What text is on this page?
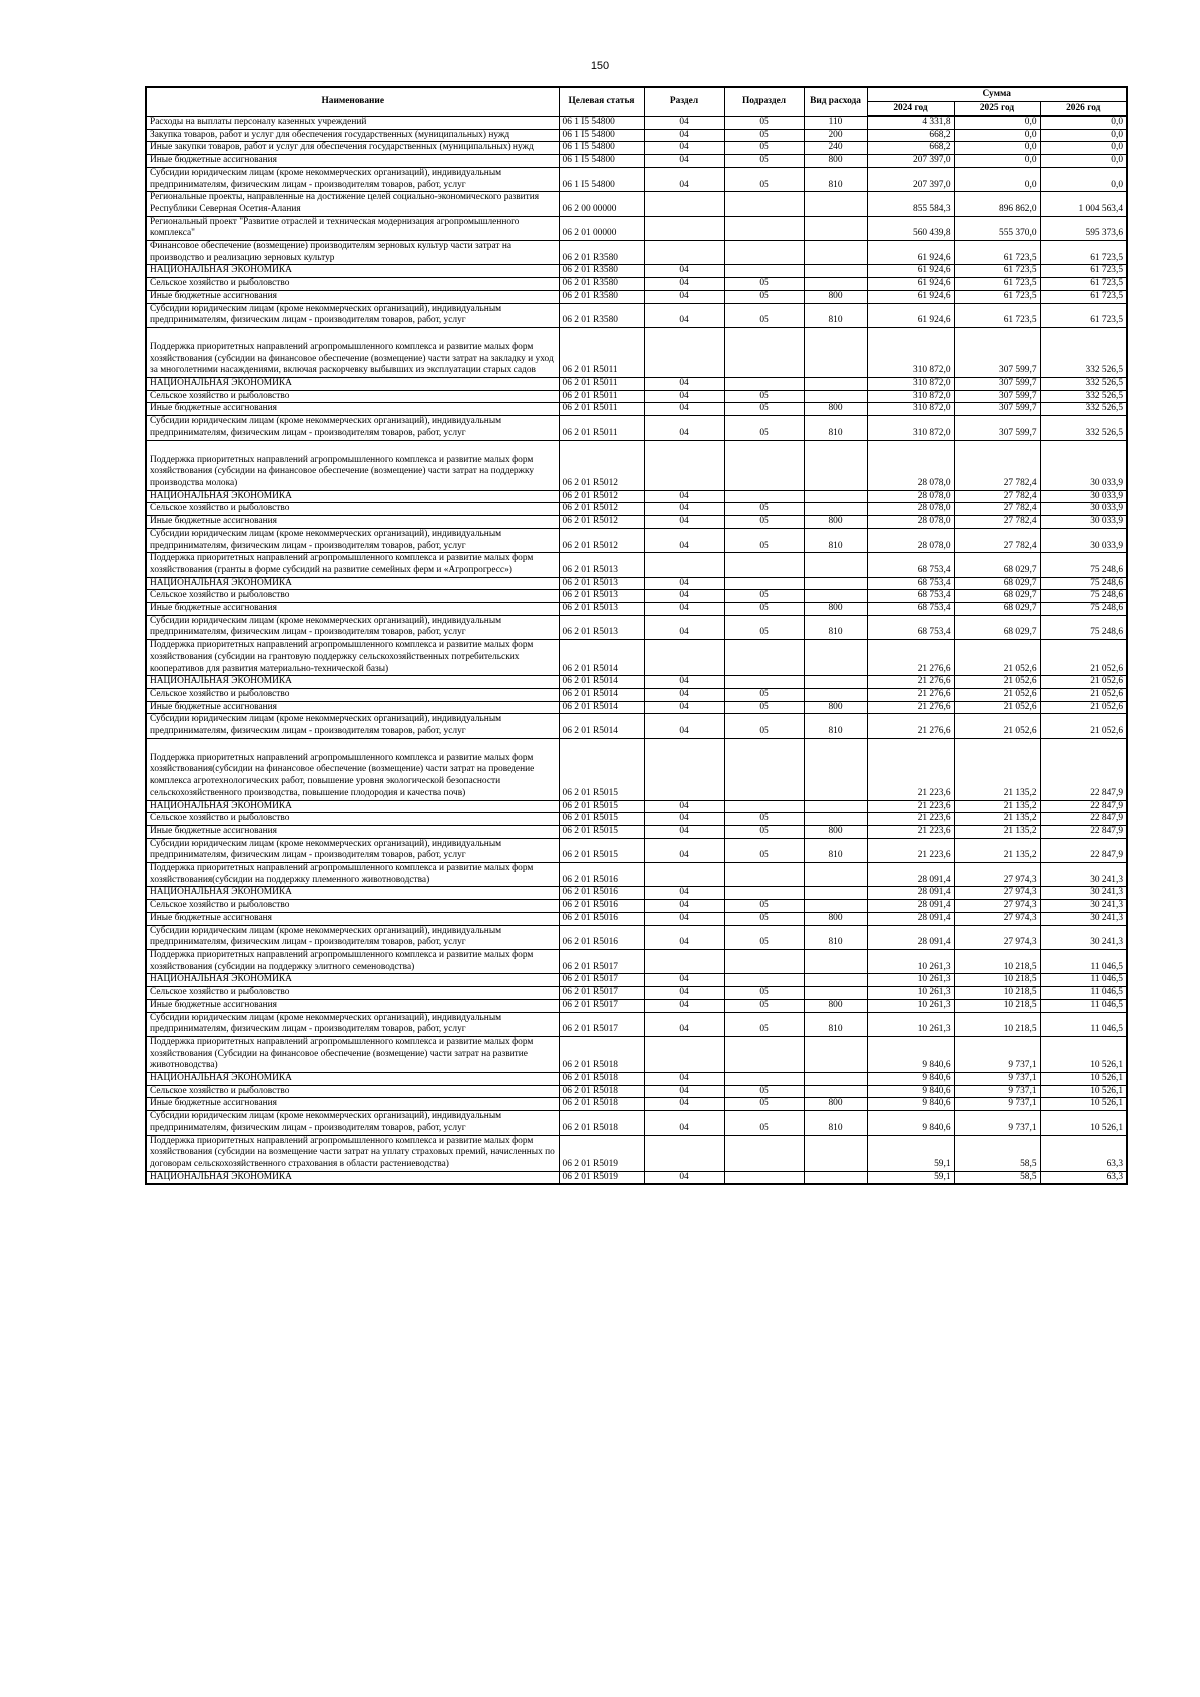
150
Наименование	Целевая статья	Раздел	Подраздел	Вид расхода	Сумма		
					2024 год	2025 год	2026 год
Расходы на выплаты персоналу казенных учреждений	06 1 I5 54800	04	05	110	4 331,8	0,0	0,0
Закупка товаров, работ и услуг для обеспечения государственных (муниципальных) нужд	06 1 I5 54800	04	05	200	668,2	0,0	0,0
Иные закупки товаров, работ и услуг для обеспечения государственных (муниципальных) нужд	06 1 I5 54800	04	05	240	668,2	0,0	0,0
Иные бюджетные ассигнования	06 1 I5 54800	04	05	800	207 397,0	0,0	0,0
Субсидии юридическим лицам (кроме некоммерческих организаций), индивидуальным предпринимателям, физическим лицам - производителям товаров, работ, услуг	06 1 I5 54800	04	05	810	207 397,0	0,0	0,0
Региональные проекты, направленные на достижение целей социально-экономического развития Республики Северная Осетия-Алания	06 2 00 00000				855 584,3	896 862,0	1 004 563,4
Региональный проект "Развитие отраслей и техническая модернизация агропромышленного комплекса"	06 2 01 00000				560 439,8	555 370,0	595 373,6
Финансовое обеспечение (возмещение) производителям зерновых культур части затрат на производство и реализацию зерновых культур	06 2 01 R3580				61 924,6	61 723,5	61 723,5
НАЦИОНАЛЬНАЯ ЭКОНОМИКА	06 2 01 R3580	04			61 924,6	61 723,5	61 723,5
Сельское хозяйство и рыболовство	06 2 01 R3580	04	05		61 924,6	61 723,5	61 723,5
Иные бюджетные ассигнования	06 2 01 R3580	04	05	800	61 924,6	61 723,5	61 723,5
Субсидии юридическим лицам (кроме некоммерческих организаций), индивидуальным предпринимателям, физическим лицам - производителям товаров, работ, услуг	06 2 01 R3580	04	05	810	61 924,6	61 723,5	61 723,5
Поддержка приоритетных направлений агропромышленного комплекса и развитие малых форм хозяйствования (субсидии на финансовое обеспечение (возмещение) части затрат на закладку и уход за многолетними насаждениями, включая раскорчевку выбывших из эксплуатации старых садов	06 2 01 R5011				310 872,0	307 599,7	332 526,5
НАЦИОНАЛЬНАЯ ЭКОНОМИКА	06 2 01 R5011	04			310 872,0	307 599,7	332 526,5
Сельское хозяйство и рыболовство	06 2 01 R5011	04	05		310 872,0	307 599,7	332 526,5
Иные бюджетные ассигнования	06 2 01 R5011	04	05	800	310 872,0	307 599,7	332 526,5
Субсидии юридическим лицам (кроме некоммерческих организаций), индивидуальным предпринимателям, физическим лицам - производителям товаров, работ, услуг	06 2 01 R5011	04	05	810	310 872,0	307 599,7	332 526,5
Поддержка приоритетных направлений агропромышленного комплекса и развитие малых форм хозяйствования (субсидии на финансовое обеспечение (возмещение) части затрат на поддержку производства молока)	06 2 01 R5012				28 078,0	27 782,4	30 033,9
НАЦИОНАЛЬНАЯ ЭКОНОМИКА	06 2 01 R5012	04			28 078,0	27 782,4	30 033,9
Сельское хозяйство и рыболовство	06 2 01 R5012	04	05		28 078,0	27 782,4	30 033,9
Иные бюджетные ассигнования	06 2 01 R5012	04	05	800	28 078,0	27 782,4	30 033,9
Субсидии юридическим лицам (кроме некоммерческих организаций), индивидуальным предпринимателям, физическим лицам - производителям товаров, работ, услуг	06 2 01 R5012	04	05	810	28 078,0	27 782,4	30 033,9
Поддержка приоритетных направлений агропромышленного комплекса и развитие малых форм хозяйствования (гранты в форме субсидий на развитие семейных ферм и «Агропрогресс»)	06 2 01 R5013				68 753,4	68 029,7	75 248,6
НАЦИОНАЛЬНАЯ ЭКОНОМИКА	06 2 01 R5013	04			68 753,4	68 029,7	75 248,6
Сельское хозяйство и рыболовство	06 2 01 R5013	04	05		68 753,4	68 029,7	75 248,6
Иные бюджетные ассигнования	06 2 01 R5013	04	05	800	68 753,4	68 029,7	75 248,6
Субсидии юридическим лицам (кроме некоммерческих организаций), индивидуальным предпринимателям, физическим лицам - производителям товаров, работ, услуг	06 2 01 R5013	04	05	810	68 753,4	68 029,7	75 248,6
Поддержка приоритетных направлений агропромышленного комплекса и развитие малых форм хозяйствования (субсидии на грантовую поддержку сельскохозяйственных потребительских кооперативов для развития материально-технической базы)	06 2 01 R5014				21 276,6	21 052,6	21 052,6
НАЦИОНАЛЬНАЯ ЭКОНОМИКА	06 2 01 R5014	04			21 276,6	21 052,6	21 052,6
Сельское хозяйство и рыболовство	06 2 01 R5014	04	05		21 276,6	21 052,6	21 052,6
Иные бюджетные ассигнования	06 2 01 R5014	04	05	800	21 276,6	21 052,6	21 052,6
Субсидии юридическим лицам (кроме некоммерческих организаций), индивидуальным предпринимателям, физическим лицам - производителям товаров, работ, услуг	06 2 01 R5014	04	05	810	21 276,6	21 052,6	21 052,6
Поддержка приоритетных направлений агропромышленного комплекса и развитие малых форм хозяйствования(субсидии на финансовое обеспечение (возмещение) части затрат на проведение комплекса агротехнологических работ, повышение уровня экологической безопасности сельскохозяйственного производства, повышение плодородия и качества почв)	06 2 01 R5015				21 223,6	21 135,2	22 847,9
НАЦИОНАЛЬНАЯ ЭКОНОМИКА	06 2 01 R5015	04			21 223,6	21 135,2	22 847,9
Сельское хозяйство и рыболовство	06 2 01 R5015	04	05		21 223,6	21 135,2	22 847,9
Иные бюджетные ассигнования	06 2 01 R5015	04	05	800	21 223,6	21 135,2	22 847,9
Субсидии юридическим лицам (кроме некоммерческих организаций), индивидуальным предпринимателям, физическим лицам - производителям товаров, работ, услуг	06 2 01 R5015	04	05	810	21 223,6	21 135,2	22 847,9
Поддержка приоритетных направлений агропромышленного комплекса и развитие малых форм хозяйствования(субсидии на поддержку племенного животноводства)	06 2 01 R5016				28 091,4	27 974,3	30 241,3
НАЦИОНАЛЬНАЯ ЭКОНОМИКА	06 2 01 R5016	04			28 091,4	27 974,3	30 241,3
Сельское хозяйство и рыболовство	06 2 01 R5016	04	05		28 091,4	27 974,3	30 241,3
Иные бюджетные ассигнованя	06 2 01 R5016	04	05	800	28 091,4	27 974,3	30 241,3
Субсидии юридическим лицам (кроме некоммерческих организаций), индивидуальным предпринимателям, физическим лицам - производителям товаров, работ, услуг	06 2 01 R5016	04	05	810	28 091,4	27 974,3	30 241,3
Поддержка приоритетных направлений агропромышленного комплекса и развитие малых форм хозяйствования (субсидии на поддержку элитного семеноводства)	06 2 01 R5017				10 261,3	10 218,5	11 046,5
НАЦИОНАЛЬНАЯ ЭКОНОМИКА	06 2 01 R5017	04			10 261,3	10 218,5	11 046,5
Сельское хозяйство и рыболовство	06 2 01 R5017	04	05		10 261,3	10 218,5	11 046,5
Иные бюджетные ассигнования	06 2 01 R5017	04	05	800	10 261,3	10 218,5	11 046,5
Субсидии юридическим лицам (кроме некоммерческих организаций), индивидуальным предпринимателям, физическим лицам - производителям товаров, работ, услуг	06 2 01 R5017	04	05	810	10 261,3	10 218,5	11 046,5
Поддержка приоритетных направлений агропромышленного комплекса и развитие малых форм хозяйствования (Субсидии на финансовое обеспечение (возмещение) части затрат на развитие животноводства)	06 2 01 R5018				9 840,6	9 737,1	10 526,1
НАЦИОНАЛЬНАЯ ЭКОНОМИКА	06 2 01 R5018	04			9 840,6	9 737,1	10 526,1
Сельское хозяйство и рыболовство	06 2 01 R5018	04	05		9 840,6	9 737,1	10 526,1
Иные бюджетные ассигнования	06 2 01 R5018	04	05	800	9 840,6	9 737,1	10 526,1
Субсидии юридическим лицам (кроме некоммерческих организаций), индивидуальным предпринимателям, физическим лицам - производителям товаров, работ, услуг	06 2 01 R5018	04	05	810	9 840,6	9 737,1	10 526,1
Поддержка приоритетных направлений агропромышленного комплекса и развитие малых форм хозяйствования (субсидии на возмещение части затрат на уплату страховых премий, начисленных по договорам сельскохозяйственного страхования в области растениеводства)	06 2 01 R5019				59,1	58,5	63,3
НАЦИОНАЛЬНАЯ ЭКОНОМИКА	06 2 01 R5019	04			59,1	58,5	63,3
